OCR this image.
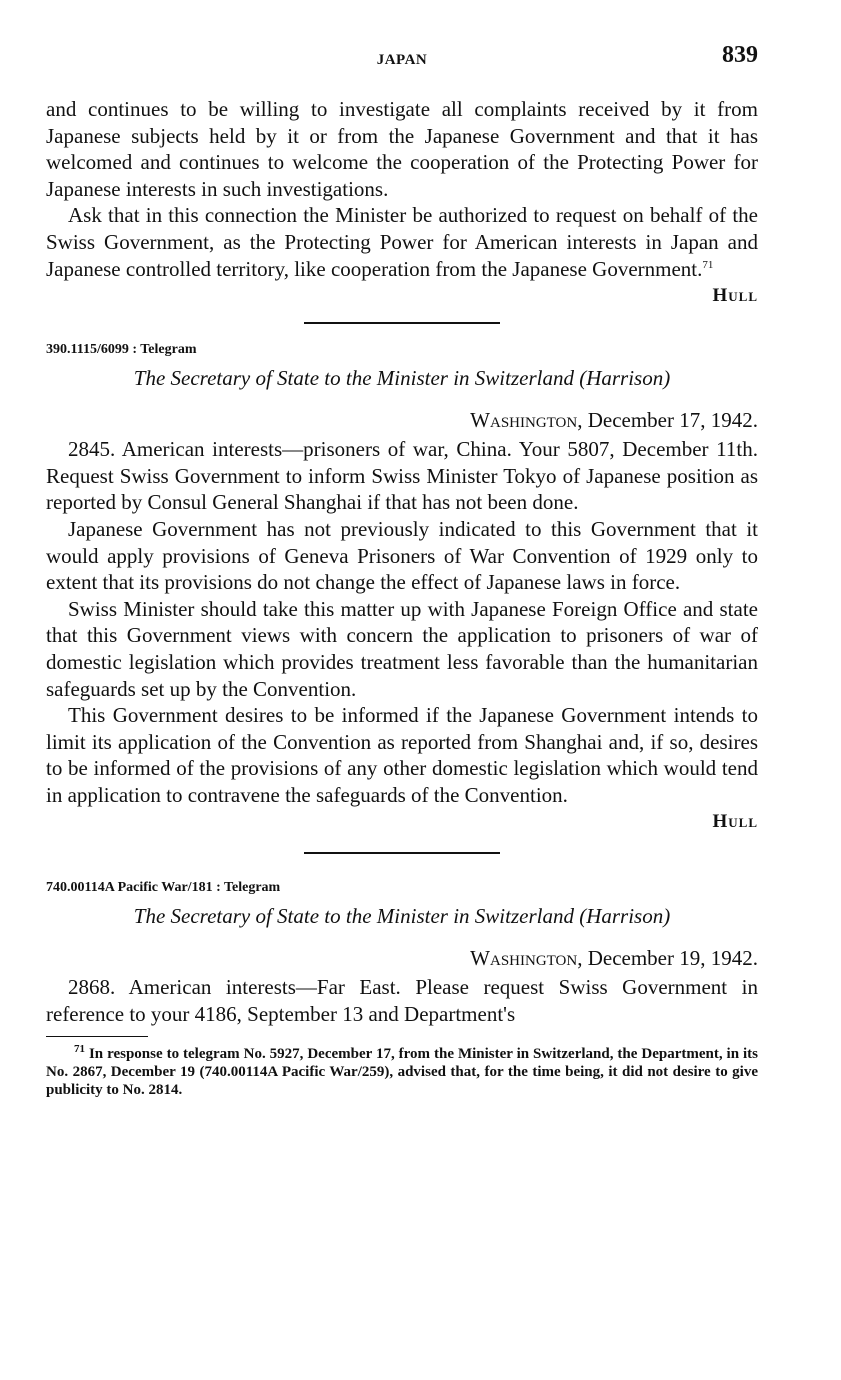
JAPAN	839

and continues to be willing to investigate all complaints received by it from Japanese subjects held by it or from the Japanese Government and that it has welcomed and continues to welcome the cooperation of the Protecting Power for Japanese interests in such investigations.

Ask that in this connection the Minister be authorized to request on behalf of the Swiss Government, as the Protecting Power for American interests in Japan and Japanese controlled territory, like cooperation from the Japanese Government.$^{71}$

Hull
390.1115/6099 : Telegram
The Secretary of State to the Minister in Switzerland (Harrison)
Washington, December 17, 1942.

2845. American interests—prisoners of war, China. Your 5807, December 11th. Request Swiss Government to inform Swiss Minister Tokyo of Japanese position as reported by Consul General Shanghai if that has not been done.

Japanese Government has not previously indicated to this Government that it would apply provisions of Geneva Prisoners of War Convention of 1929 only to extent that its provisions do not change the effect of Japanese laws in force.

Swiss Minister should take this matter up with Japanese Foreign Office and state that this Government views with concern the application to prisoners of war of domestic legislation which provides treatment less favorable than the humanitarian safeguards set up by the Convention.

This Government desires to be informed if the Japanese Government intends to limit its application of the Convention as reported from Shanghai and, if so, desires to be informed of the provisions of any other domestic legislation which would tend in application to contravene the safeguards of the Convention.

Hull
740.00114A Pacific War/181 : Telegram
The Secretary of State to the Minister in Switzerland (Harrison)
Washington, December 19, 1942.

2868. American interests—Far East. Please request Swiss Government in reference to your 4186, September 13 and Department's

$^{71}$ In response to telegram No. 5927, December 17, from the Minister in Switzerland, the Department, in its No. 2867, December 19 (740.00114A Pacific War/259), advised that, for the time being, it did not desire to give publicity to No. 2814.
